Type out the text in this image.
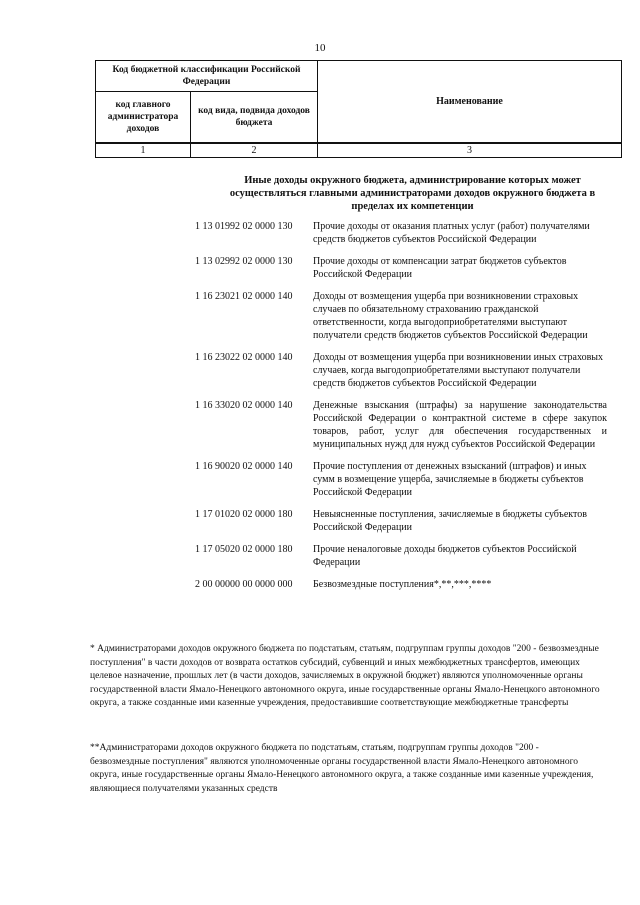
10
Код бюджетной классификации Российской Федерации		Наименование
код главного администратора доходов	код вида, подвида доходов бюджета	
1	2	3
Иные доходы окружного бюджета, администрирование которых может осуществляться главными администраторами доходов окружного бюджета в пределах их компетенции
1 13 01992 02 0000 130	Прочие доходы от оказания платных услуг (работ) получателями средств бюджетов субъектов Российской Федерации
1 13 02992 02 0000 130	Прочие доходы от компенсации затрат бюджетов субъектов Российской Федерации
1 16 23021 02 0000 140	Доходы от возмещения ущерба при возникновении страховых случаев по обязательному страхованию гражданской ответственности, когда выгодоприобретателями выступают получатели средств бюджетов субъектов Российской Федерации
1 16 23022 02 0000 140	Доходы от возмещения ущерба при возникновении иных страховых случаев, когда выгодоприобретателями выступают получатели средств бюджетов субъектов Российской Федерации
1 16 33020 02 0000 140	Денежные взыскания (штрафы) за нарушение законодательства Российской Федерации о контрактной системе в сфере закупок товаров, работ, услуг для обеспечения государственных и муниципальных нужд для нужд субъектов Российской Федерации
1 16 90020 02 0000 140	Прочие поступления от денежных взысканий (штрафов) и иных сумм в возмещение ущерба, зачисляемые в бюджеты субъектов Российской Федерации
1 17 01020 02 0000 180	Невыясненные поступления, зачисляемые в бюджеты субъектов Российской Федерации
1 17 05020 02 0000 180	Прочие неналоговые доходы бюджетов субъектов Российской Федерации
2 00 00000 00 0000 000	Безвозмездные поступления*,**,***,****
* Администраторами доходов окружного бюджета по подстатьям, статьям, подгруппам группы доходов "200 - безвозмездные поступления" в части доходов от возврата остатков субсидий, субвенций и иных межбюджетных трансфертов, имеющих целевое назначение, прошлых лет (в части доходов, зачисляемых в окружной бюджет) являются уполномоченные органы государственной власти Ямало-Ненецкого автономного округа, иные государственные органы Ямало-Ненецкого автономного округа, а также созданные ими казенные учреждения, предоставившие соответствующие межбюджетные трансферты
**Администраторами доходов окружного бюджета по подстатьям, статьям, подгруппам группы доходов "200 - безвозмездные поступления" являются уполномоченные органы государственной власти Ямало-Ненецкого автономного округа, иные государственные органы Ямало-Ненецкого автономного округа, а также созданные ими казенные учреждения, являющиеся получателями указанных средств
